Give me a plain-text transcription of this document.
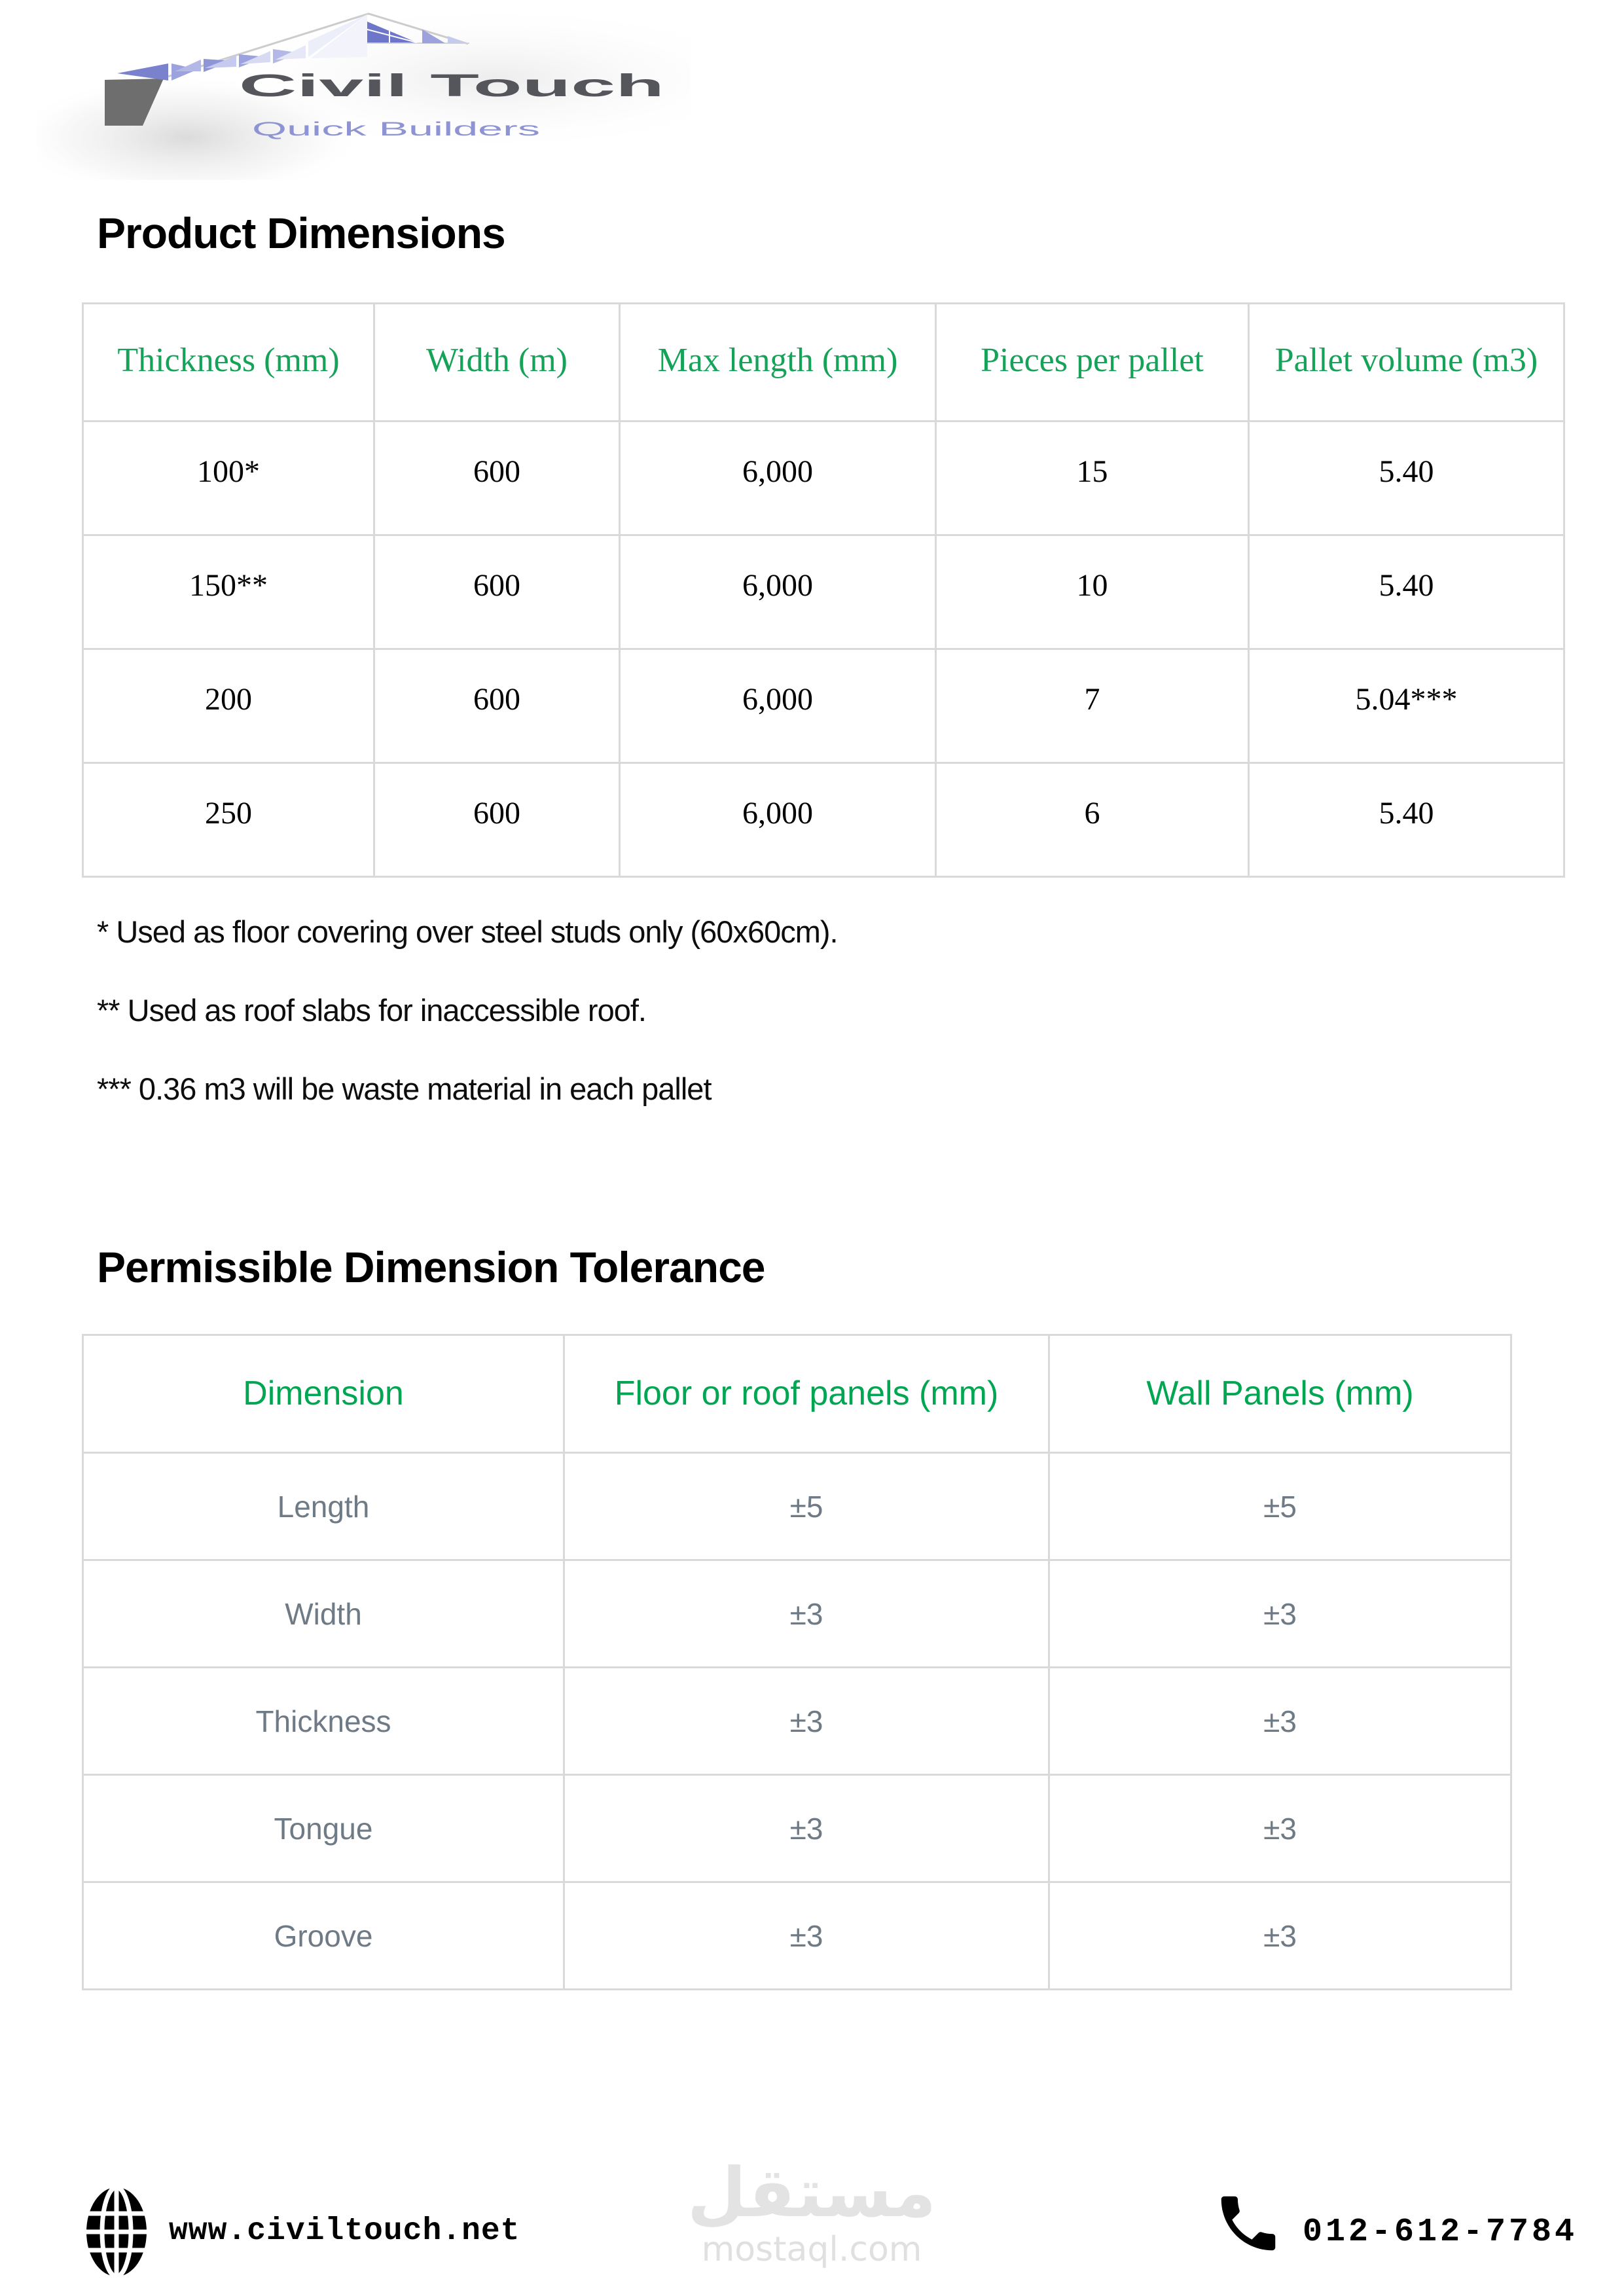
Civil Touch
Quick Builders
Product Dimensions
Thickness (mm)	Width (m)	Max length (mm)	Pieces per pallet	Pallet volume (m3)
100*	600	6,000	15	5.40
150**	600	6,000	10	5.40
200	600	6,000	7	5.04***
250	600	6,000	6	5.40
* Used as floor covering over steel studs only (60x60cm).
** Used as roof slabs for inaccessible roof.
*** 0.36 m3 will be waste material in each pallet
Permissible Dimension Tolerance
Dimension	Floor or roof panels (mm)	Wall Panels (mm)
Length	±5	±5
Width	±3	±3
Thickness	±3	±3
Tongue	±3	±3
Groove	±3	±3
www.civiltouch.net مستقل
mostaql.com	012-612-7784
